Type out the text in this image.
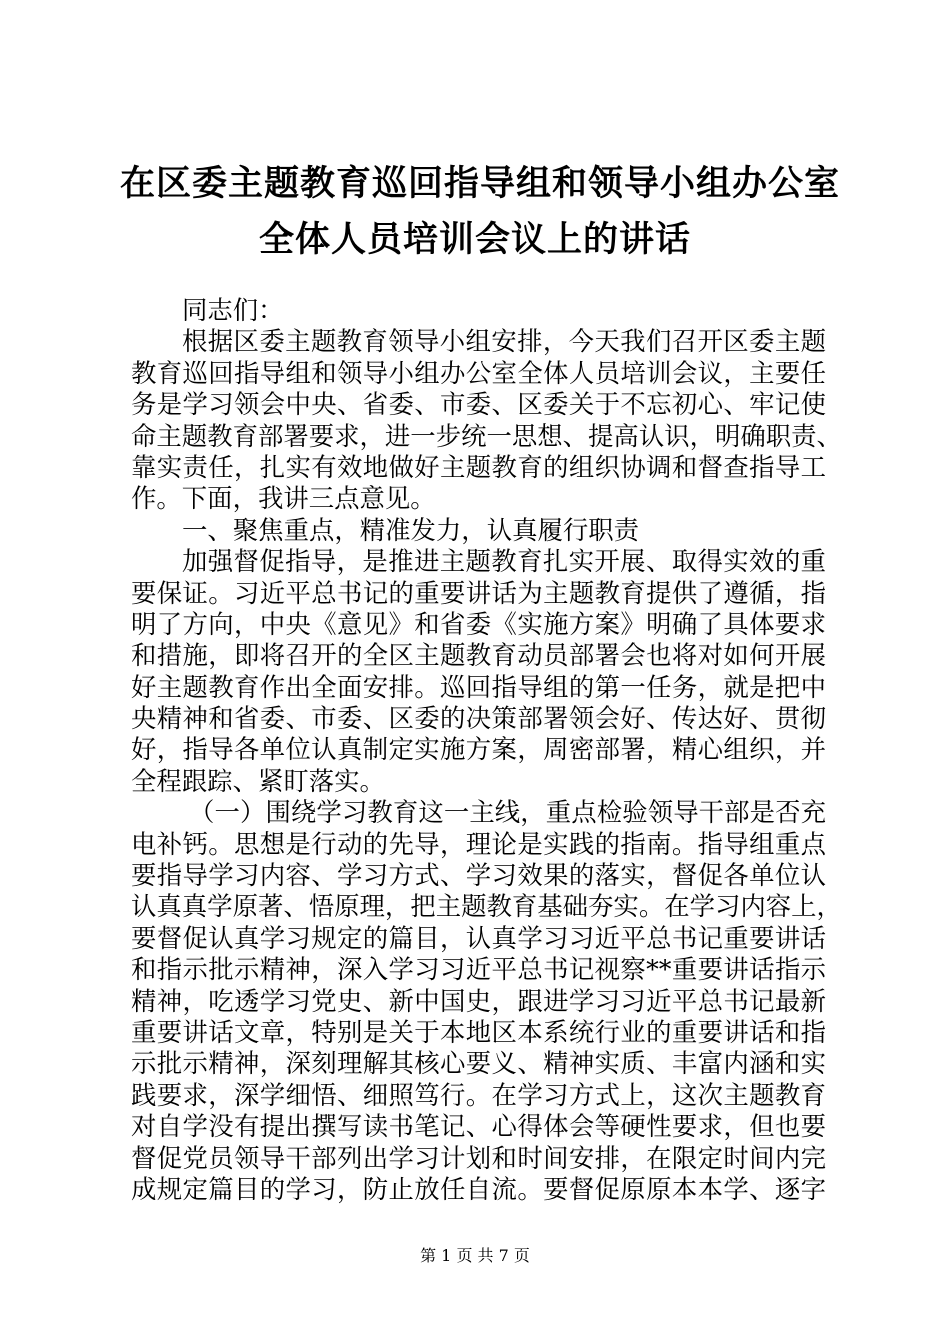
在区委主题教育巡回指导组和领导小组办公室
全体人员培训会议上的讲话
同志们：
根据区委主题教育领导小组安排，今天我们召开区委主题
教育巡回指导组和领导小组办公室全体人员培训会议，主要任
务是学习领会中央、省委、市委、区委关于不忘初心、牢记使
命主题教育部署要求，进一步统一思想、提高认识，明确职责、
靠实责任，扎实有效地做好主题教育的组织协调和督查指导工
作。下面，我讲三点意见。
一、聚焦重点，精准发力，认真履行职责
加强督促指导，是推进主题教育扎实开展、取得实效的重
要保证。习近平总书记的重要讲话为主题教育提供了遵循，指
明了方向，中央《意见》和省委《实施方案》明确了具体要求
和措施，即将召开的全区主题教育动员部署会也将对如何开展
好主题教育作出全面安排。巡回指导组的第一任务，就是把中
央精神和省委、市委、区委的决策部署领会好、传达好、贯彻
好，指导各单位认真制定实施方案，周密部署，精心组织，并
全程跟踪、紧盯落实。
（一）围绕学习教育这一主线，重点检验领导干部是否充
电补钙。思想是行动的先导，理论是实践的指南。指导组重点
要指导学习内容、学习方式、学习效果的落实，督促各单位认
认真真学原著、悟原理，把主题教育基础夯实。在学习内容上，
要督促认真学习规定的篇目，认真学习习近平总书记重要讲话
和指示批示精神，深入学习习近平总书记视察**重要讲话指示
精神，吃透学习党史、新中国史，跟进学习习近平总书记最新
重要讲话文章，特别是关于本地区本系统行业的重要讲话和指
示批示精神，深刻理解其核心要义、精神实质、丰富内涵和实
践要求，深学细悟、细照笃行。在学习方式上，这次主题教育
对自学没有提出撰写读书笔记、心得体会等硬性要求，但也要
督促党员领导干部列出学习计划和时间安排，在限定时间内完
成规定篇目的学习，防止放任自流。要督促原原本本学、逐字
第 1 页 共 7 页
